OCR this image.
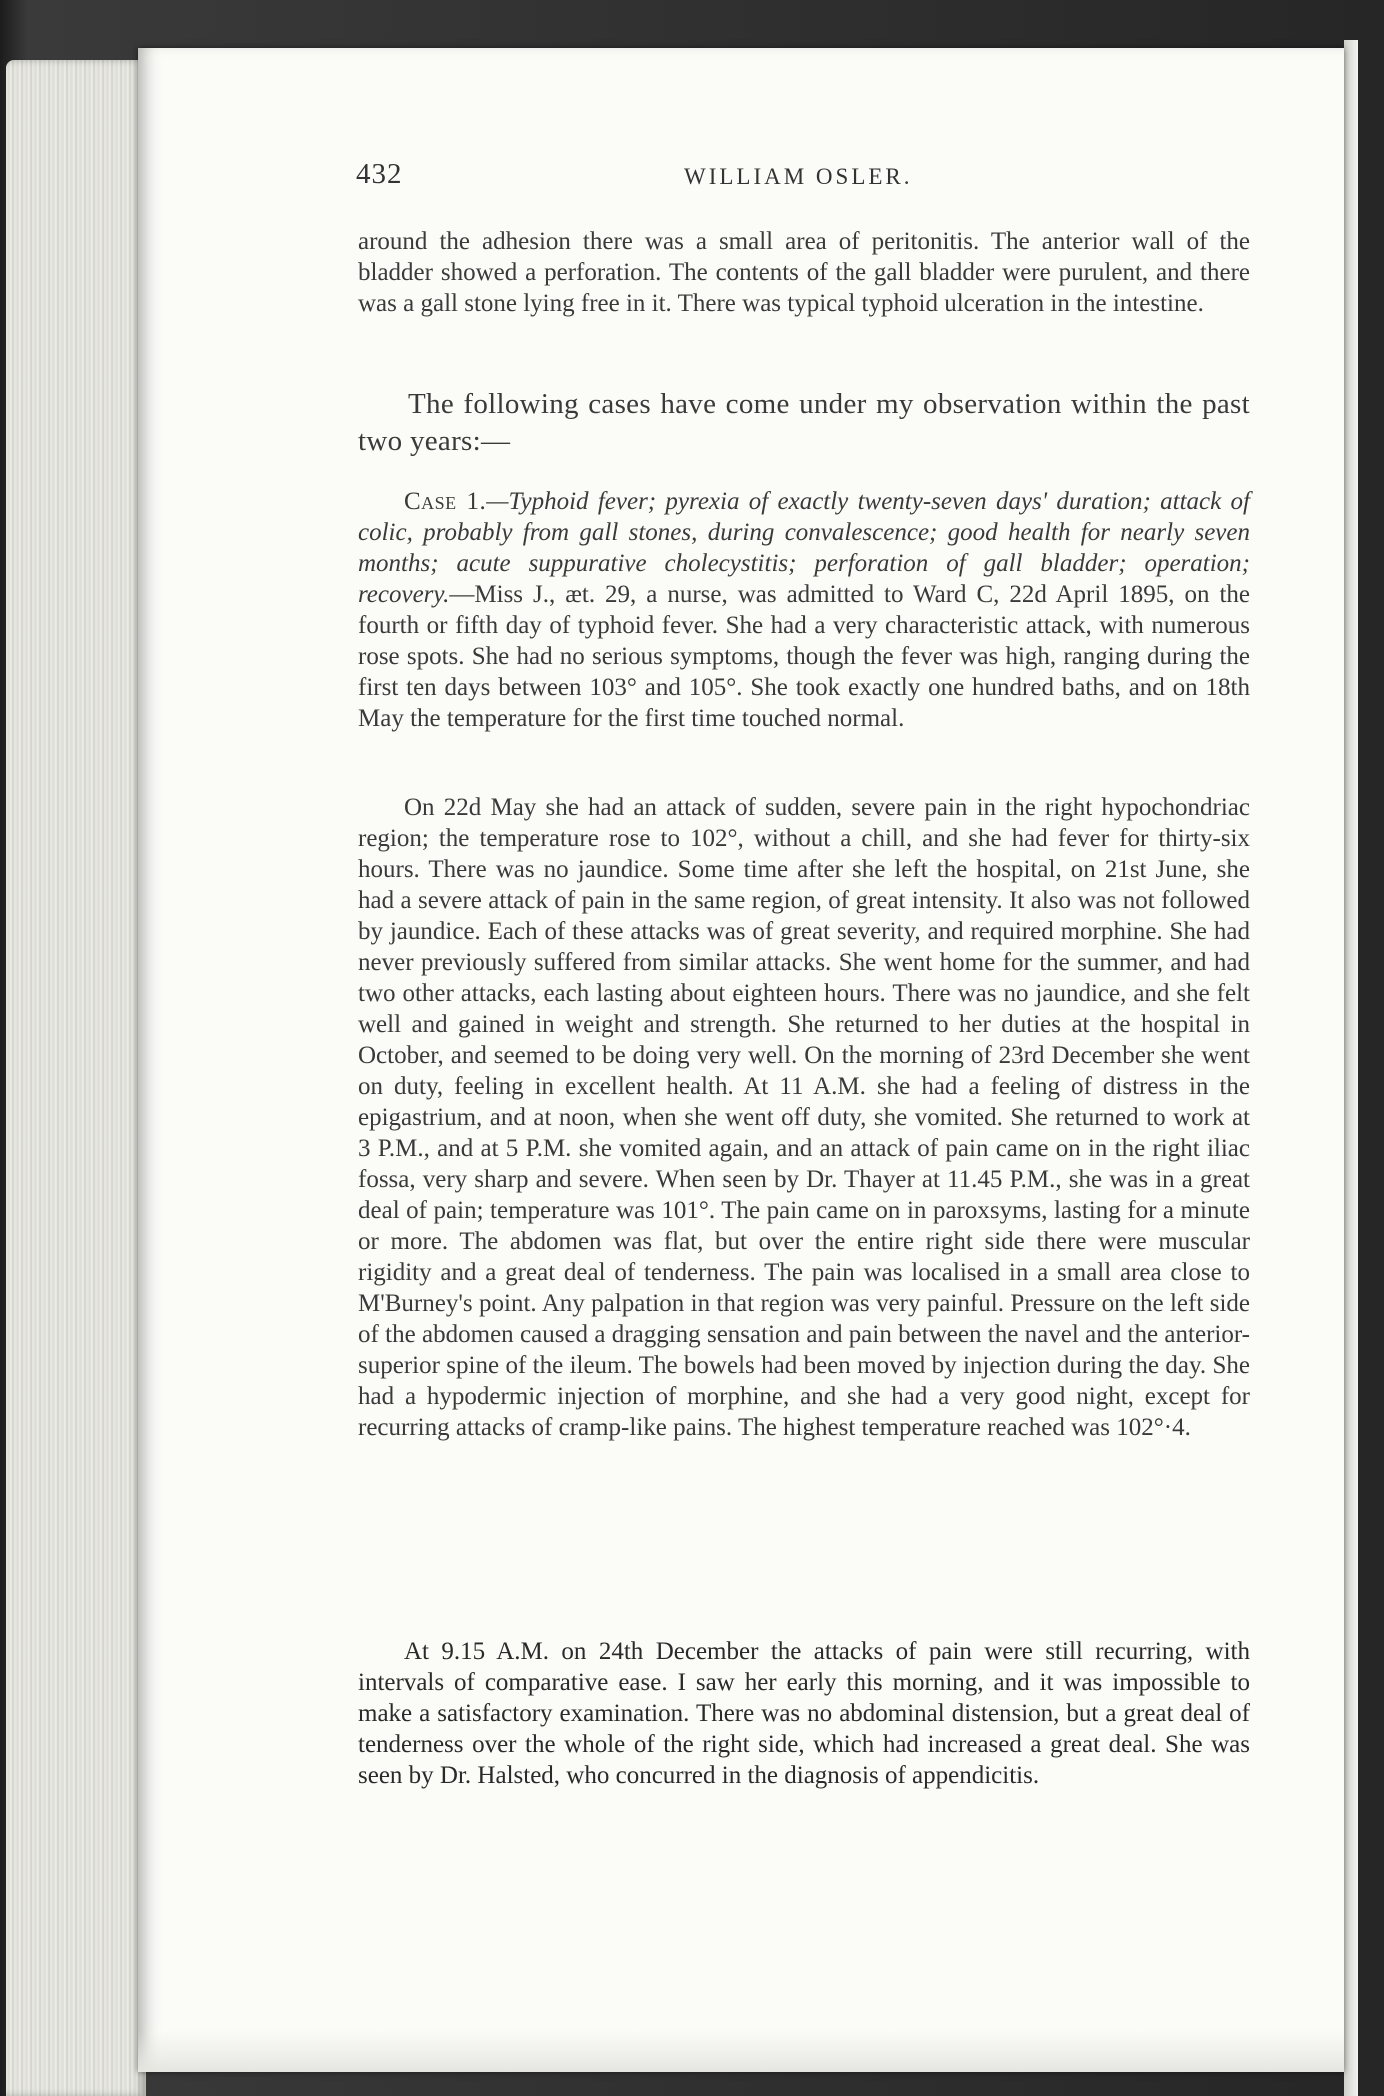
432	WILLIAM OSLER.

around the adhesion there was a small area of peritonitis. The anterior wall of the bladder showed a perforation. The contents of the gall bladder were purulent, and there was a gall stone lying free in it. There was typical typhoid ulceration in the intestine.

The following cases have come under my observation within the past two years:—

Case 1.—Typhoid fever; pyrexia of exactly twenty-seven days' duration; attack of colic, probably from gall stones, during convalescence; good health for nearly seven months; acute suppurative cholecystitis; perforation of gall bladder; operation; recovery.—Miss J., æt. 29, a nurse, was admitted to Ward C, 22d April 1895, on the fourth or fifth day of typhoid fever. She had a very characteristic attack, with numerous rose spots. She had no serious symptoms, though the fever was high, ranging during the first ten days between 103° and 105°. She took exactly one hundred baths, and on 18th May the temperature for the first time touched normal.

On 22d May she had an attack of sudden, severe pain in the right hypochondriac region; the temperature rose to 102°, without a chill, and she had fever for thirty-six hours. There was no jaundice. Some time after she left the hospital, on 21st June, she had a severe attack of pain in the same region, of great intensity. It also was not followed by jaundice. Each of these attacks was of great severity, and required morphine. She had never previously suffered from similar attacks. She went home for the summer, and had two other attacks, each lasting about eighteen hours. There was no jaundice, and she felt well and gained in weight and strength. She returned to her duties at the hospital in October, and seemed to be doing very well. On the morning of 23rd December she went on duty, feeling in excellent health. At 11 A.M. she had a feeling of distress in the epigastrium, and at noon, when she went off duty, she vomited. She returned to work at 3 P.M., and at 5 P.M. she vomited again, and an attack of pain came on in the right iliac fossa, very sharp and severe. When seen by Dr. Thayer at 11.45 P.M., she was in a great deal of pain; temperature was 101°. The pain came on in paroxsyms, lasting for a minute or more. The abdomen was flat, but over the entire right side there were muscular rigidity and a great deal of tenderness. The pain was localised in a small area close to M'Burney's point. Any palpation in that region was very painful. Pressure on the left side of the abdomen caused a dragging sensation and pain between the navel and the anterior-superior spine of the ileum. The bowels had been moved by injection during the day. She had a hypodermic injection of morphine, and she had a very good night, except for recurring attacks of cramp-like pains. The highest temperature reached was 102°·4.

At 9.15 A.M. on 24th December the attacks of pain were still recurring, with intervals of comparative ease. I saw her early this morning, and it was impossible to make a satisfactory examination. There was no abdominal distension, but a great deal of tenderness over the whole of the right side, which had increased a great deal. She was seen by Dr. Halsted, who concurred in the diagnosis of appendicitis.
